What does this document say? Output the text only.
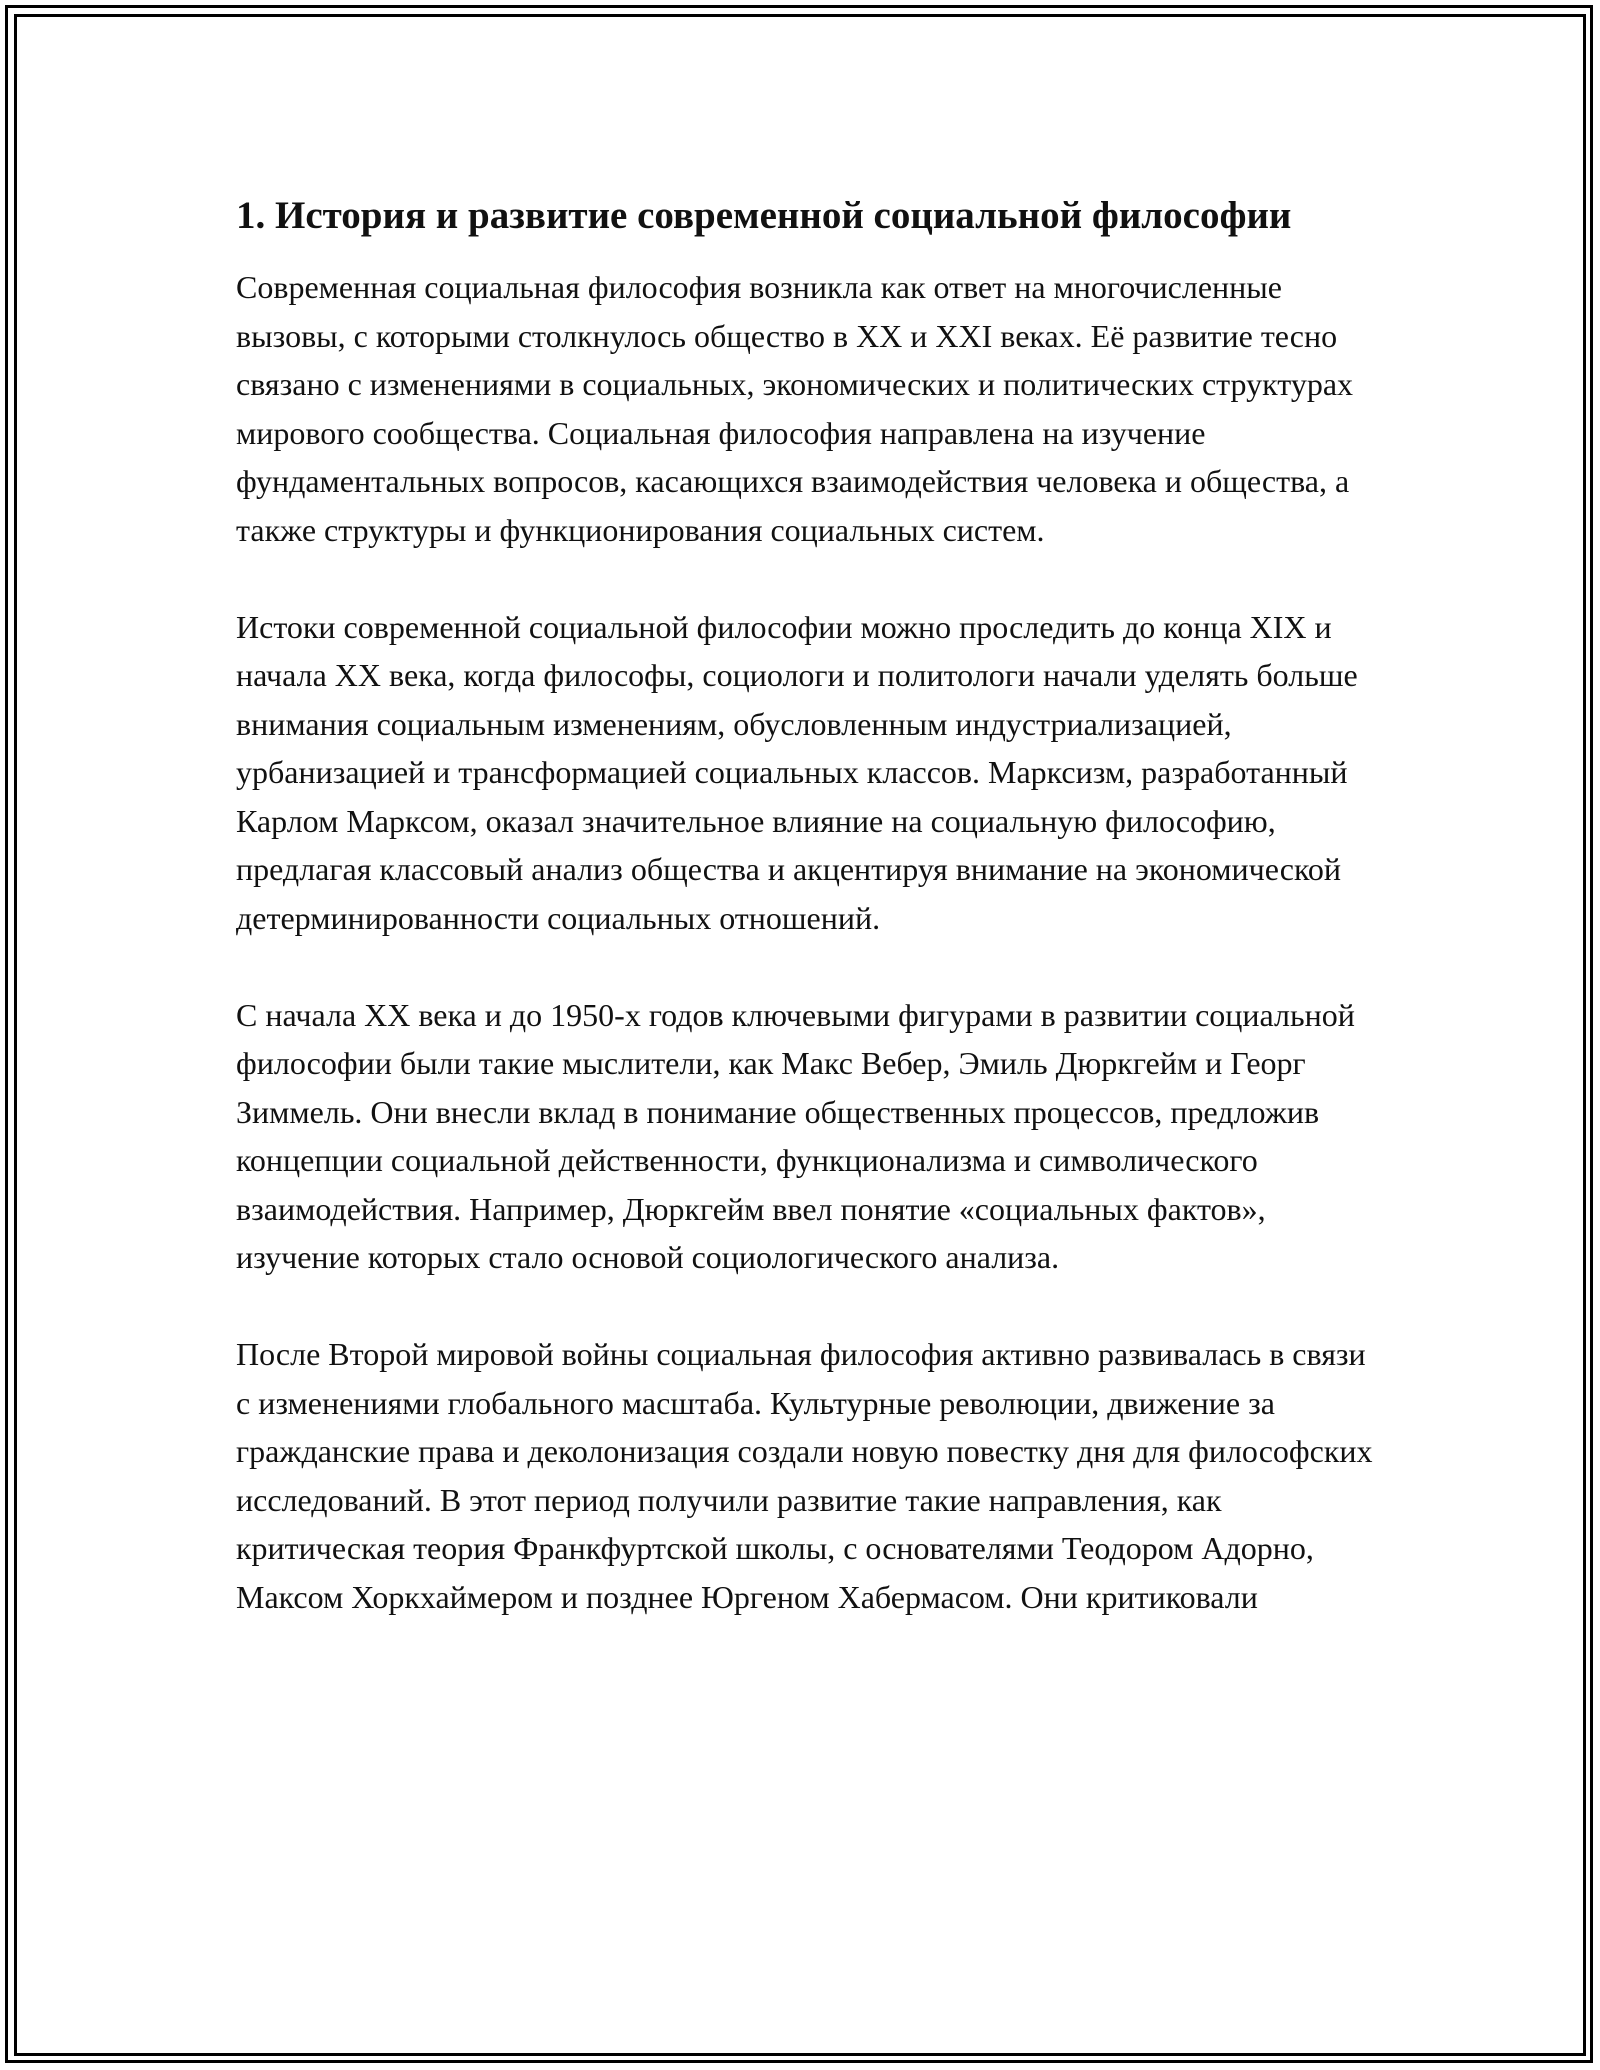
1. История и развитие современной социальной философии

Современная социальная философия возникла как ответ на многочисленные вызовы, с которыми столкнулось общество в XX и XXI веках. Её развитие тесно связано с изменениями в социальных, экономических и политических структурах мирового сообщества. Социальная философия направлена на изучение фундаментальных вопросов, касающихся взаимодействия человека и общества, а также структуры и функционирования социальных систем.

Истоки современной социальной философии можно проследить до конца XIX и начала XX века, когда философы, социологи и политологи начали уделять больше внимания социальным изменениям, обусловленным индустриализацией, урбанизацией и трансформацией социальных классов. Марксизм, разработанный Карлом Марксом, оказал значительное влияние на социальную философию, предлагая классовый анализ общества и акцентируя внимание на экономической детерминированности социальных отношений.

С начала XX века и до 1950-х годов ключевыми фигурами в развитии социальной философии были такие мыслители, как Макс Вебер, Эмиль Дюркгейм и Георг Зиммель. Они внесли вклад в понимание общественных процессов, предложив концепции социальной действенности, функционализма и символического взаимодействия. Например, Дюркгейм ввел понятие «социальных фактов», изучение которых стало основой социологического анализа.

После Второй мировой войны социальная философия активно развивалась в связи с изменениями глобального масштаба. Культурные революции, движение за гражданские права и деколонизация создали новую повестку дня для философских исследований. В этот период получили развитие такие направления, как критическая теория Франкфуртской школы, с основателями Теодором Адорно, Максом Хоркхаймером и позднее Юргеном Хабермасом. Они критиковали
